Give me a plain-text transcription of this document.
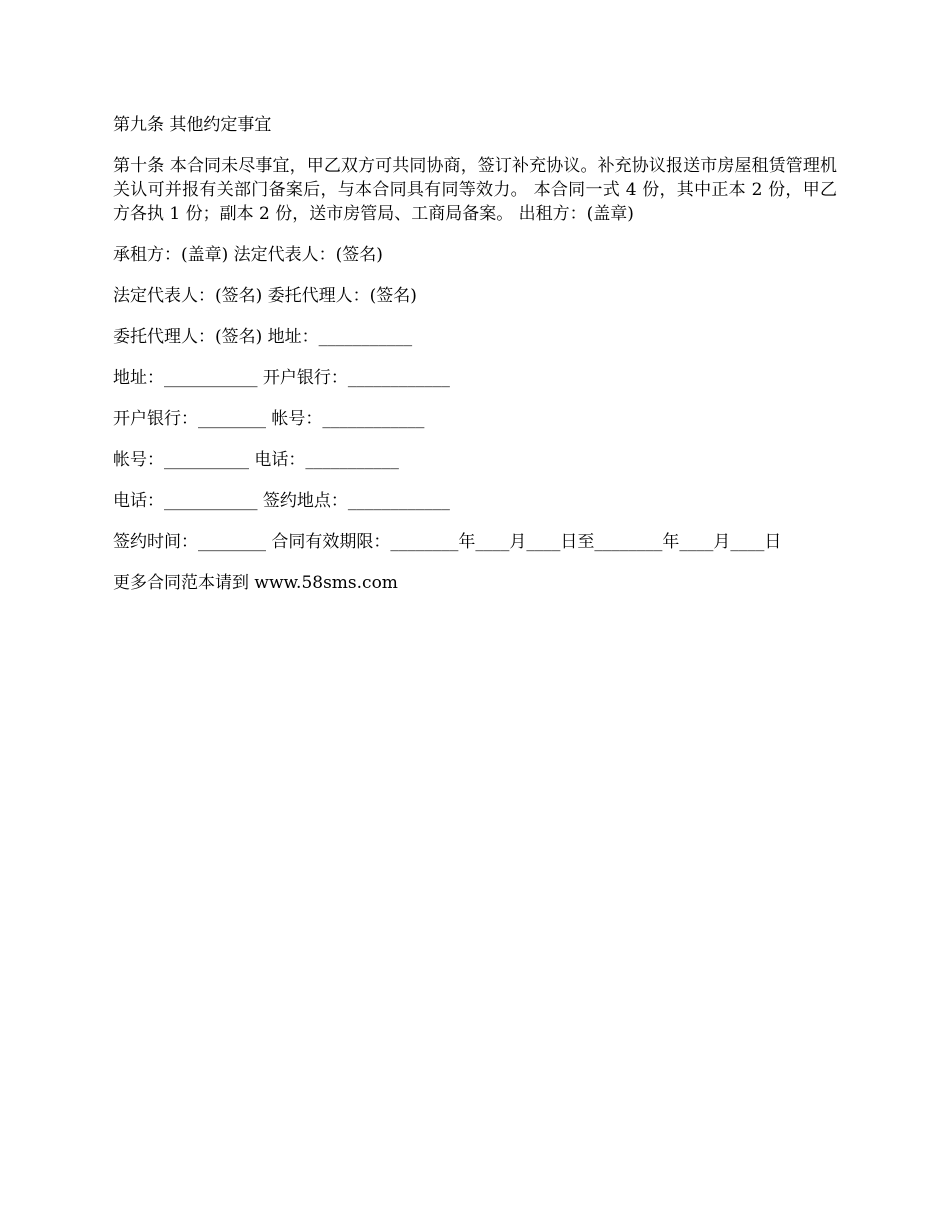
第九条 其他约定事宜

第十条 本合同未尽事宜，甲乙双方可共同协商，签订补充协议。补充协议报送市房屋租赁管理机关认可并报有关部门备案后，与本合同具有同等效力。 本合同一式 4 份，其中正本 2 份，甲乙方各执 1 份；副本 2 份，送市房管局、工商局备案。 出租方：(盖章)

承租方：(盖章) 法定代表人：(签名)

法定代表人：(签名) 委托代理人：(签名)

委托代理人：(签名) 地址：___________

地址：___________ 开户银行：____________

开户银行：________ 帐号：____________

帐号：__________ 电话：___________

电话：___________ 签约地点：____________

签约时间：________ 合同有效期限：________年____月____日至________年____月____日

更多合同范本请到 www.58sms.com
